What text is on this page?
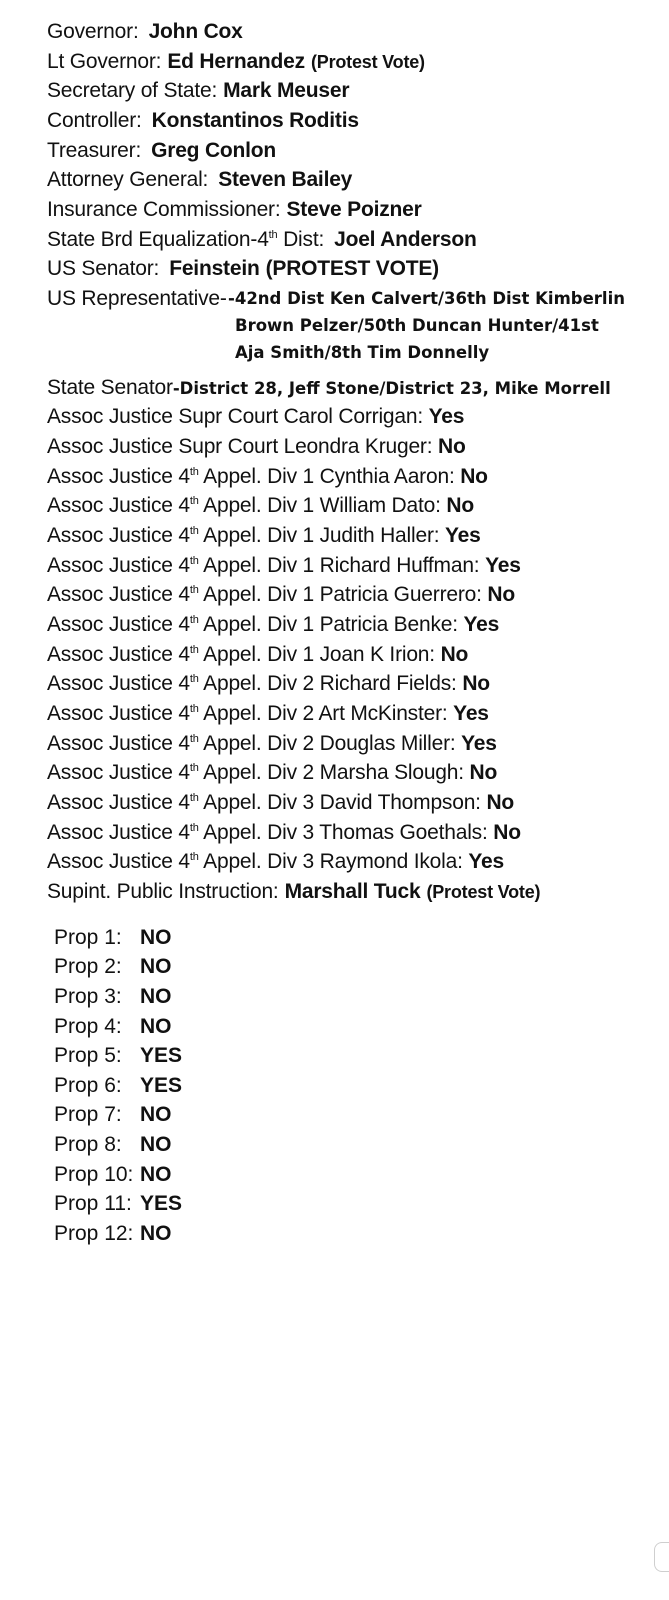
Governor: John Cox
Lt Governor: Ed Hernandez (Protest Vote)
Secretary of State: Mark Meuser
Controller: Konstantinos Roditis
Treasurer: Greg Conlon
Attorney General: Steven Bailey
Insurance Commissioner: Steve Poizner
State Brd Equalization-4th Dist: Joel Anderson
US Senator: Feinstein (PROTEST VOTE)
US Representative- -42nd Dist Ken Calvert/36th Dist Kimberlin
Brown Pelzer/50th Duncan Hunter/41st
Aja Smith/8th Tim Donnelly
State Senator-District 28, Jeff Stone/District 23, Mike Morrell
Assoc Justice Supr Court Carol Corrigan: Yes
Assoc Justice Supr Court Leondra Kruger: No
Assoc Justice 4th Appel. Div 1 Cynthia Aaron: No
Assoc Justice 4th Appel. Div 1 William Dato: No
Assoc Justice 4th Appel. Div 1 Judith Haller: Yes
Assoc Justice 4th Appel. Div 1 Richard Huffman: Yes
Assoc Justice 4th Appel. Div 1 Patricia Guerrero: No
Assoc Justice 4th Appel. Div 1 Patricia Benke: Yes
Assoc Justice 4th Appel. Div 1 Joan K Irion: No
Assoc Justice 4th Appel. Div 2 Richard Fields: No
Assoc Justice 4th Appel. Div 2 Art McKinster: Yes
Assoc Justice 4th Appel. Div 2 Douglas Miller: Yes
Assoc Justice 4th Appel. Div 2 Marsha Slough: No
Assoc Justice 4th Appel. Div 3 David Thompson: No
Assoc Justice 4th Appel. Div 3 Thomas Goethals: No
Assoc Justice 4th Appel. Div 3 Raymond Ikola: Yes
Supint. Public Instruction: Marshall Tuck (Protest Vote)
Prop 1: NO
Prop 2: NO
Prop 3: NO
Prop 4: NO
Prop 5: YES
Prop 6: YES
Prop 7: NO
Prop 8: NO
Prop 10: NO
Prop 11: YES
Prop 12: NO
